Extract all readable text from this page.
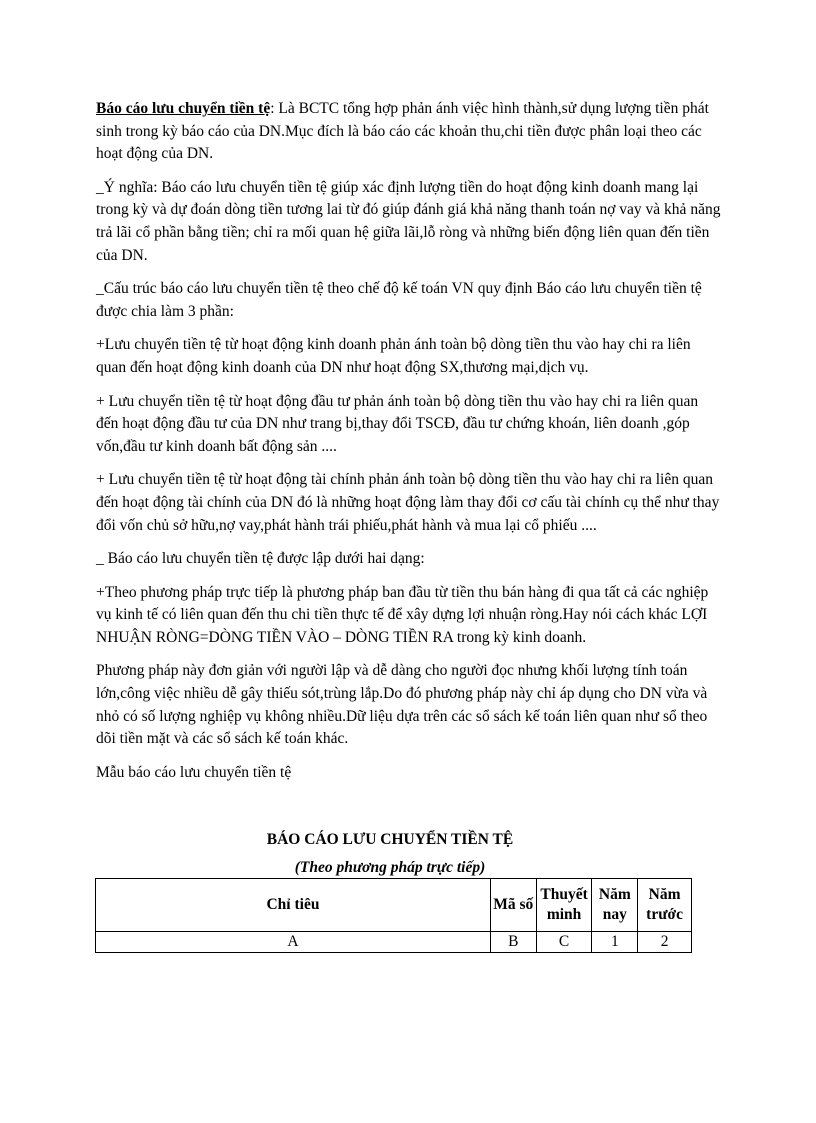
Báo cáo lưu chuyển tiền tệ: Là BCTC tổng hợp phản ánh việc hình thành,sử dụng lượng tiền phát sinh trong kỳ báo cáo của DN.Mục đích là báo cáo các khoản thu,chi tiền được phân loại theo các hoạt động của DN.

_Ý nghĩa: Báo cáo lưu chuyển tiền tệ giúp xác định lượng tiền do hoạt động kinh doanh mang lại trong kỳ và dự đoán dòng tiền tương lai từ đó giúp đánh giá khả năng thanh toán nợ vay và khả năng trả lãi cổ phần bằng tiền; chỉ ra mối quan hệ giữa lãi,lỗ ròng và những biến động liên quan đến tiền của DN.

_Cấu trúc báo cáo lưu chuyển tiền tệ theo chế độ kế toán VN quy định Báo cáo lưu chuyển tiền tệ được chia làm 3 phần:

+Lưu chuyển tiền tệ từ hoạt động kinh doanh phản ánh toàn bộ dòng tiền thu vào hay chi ra liên quan đến hoạt động kinh doanh của DN như hoạt động SX,thương mại,dịch vụ.

+ Lưu chuyển tiền tệ từ hoạt động đầu tư phản ánh toàn bộ dòng tiền thu vào hay chi ra liên quan đến hoạt động đầu tư của DN như trang bị,thay đổi TSCĐ, đầu tư chứng khoán, liên doanh ,góp vốn,đầu tư kinh doanh bất động sản ....

+ Lưu chuyển tiền tệ từ hoạt động tài chính phản ánh toàn bộ dòng tiền thu vào hay chi ra liên quan đến hoạt động tài chính của DN đó là những hoạt động làm thay đổi cơ cấu tài chính cụ thể như thay đổi vốn chủ sở hữu,nợ vay,phát hành trái phiếu,phát hành và mua lại cổ phiếu ....

_ Báo cáo lưu chuyển tiền tệ được lập dưới hai dạng:

+Theo phương pháp trực tiếp là phương pháp ban đầu từ tiền thu bán hàng đi qua tất cả các nghiệp vụ kinh tế có liên quan đến thu chi tiền thực tế để xây dựng lợi nhuận ròng.Hay nói cách khác LỢI NHUẬN RÒNG=DÒNG TIỀN VÀO – DÒNG TIỀN RA trong kỳ kinh doanh.

Phương pháp này đơn giản với người lập và dễ dàng cho người đọc nhưng khối lượng tính toán lớn,công việc nhiều dễ gây thiếu sót,trùng lắp.Do đó phương pháp này chỉ áp dụng cho DN vừa và nhỏ có số lượng nghiệp vụ không nhiều.Dữ liệu dựa trên các sổ sách kế toán liên quan như sổ theo dõi tiền mặt và các sổ sách kế toán khác.

Mẫu báo cáo lưu chuyển tiền tệ

BÁO CÁO LƯU CHUYỂN TIỀN TỆ
(Theo phương pháp trực tiếp)
Chỉ tiêu	Mã số	Thuyết minh	Năm nay	Năm trước
A	B	C	1	2
